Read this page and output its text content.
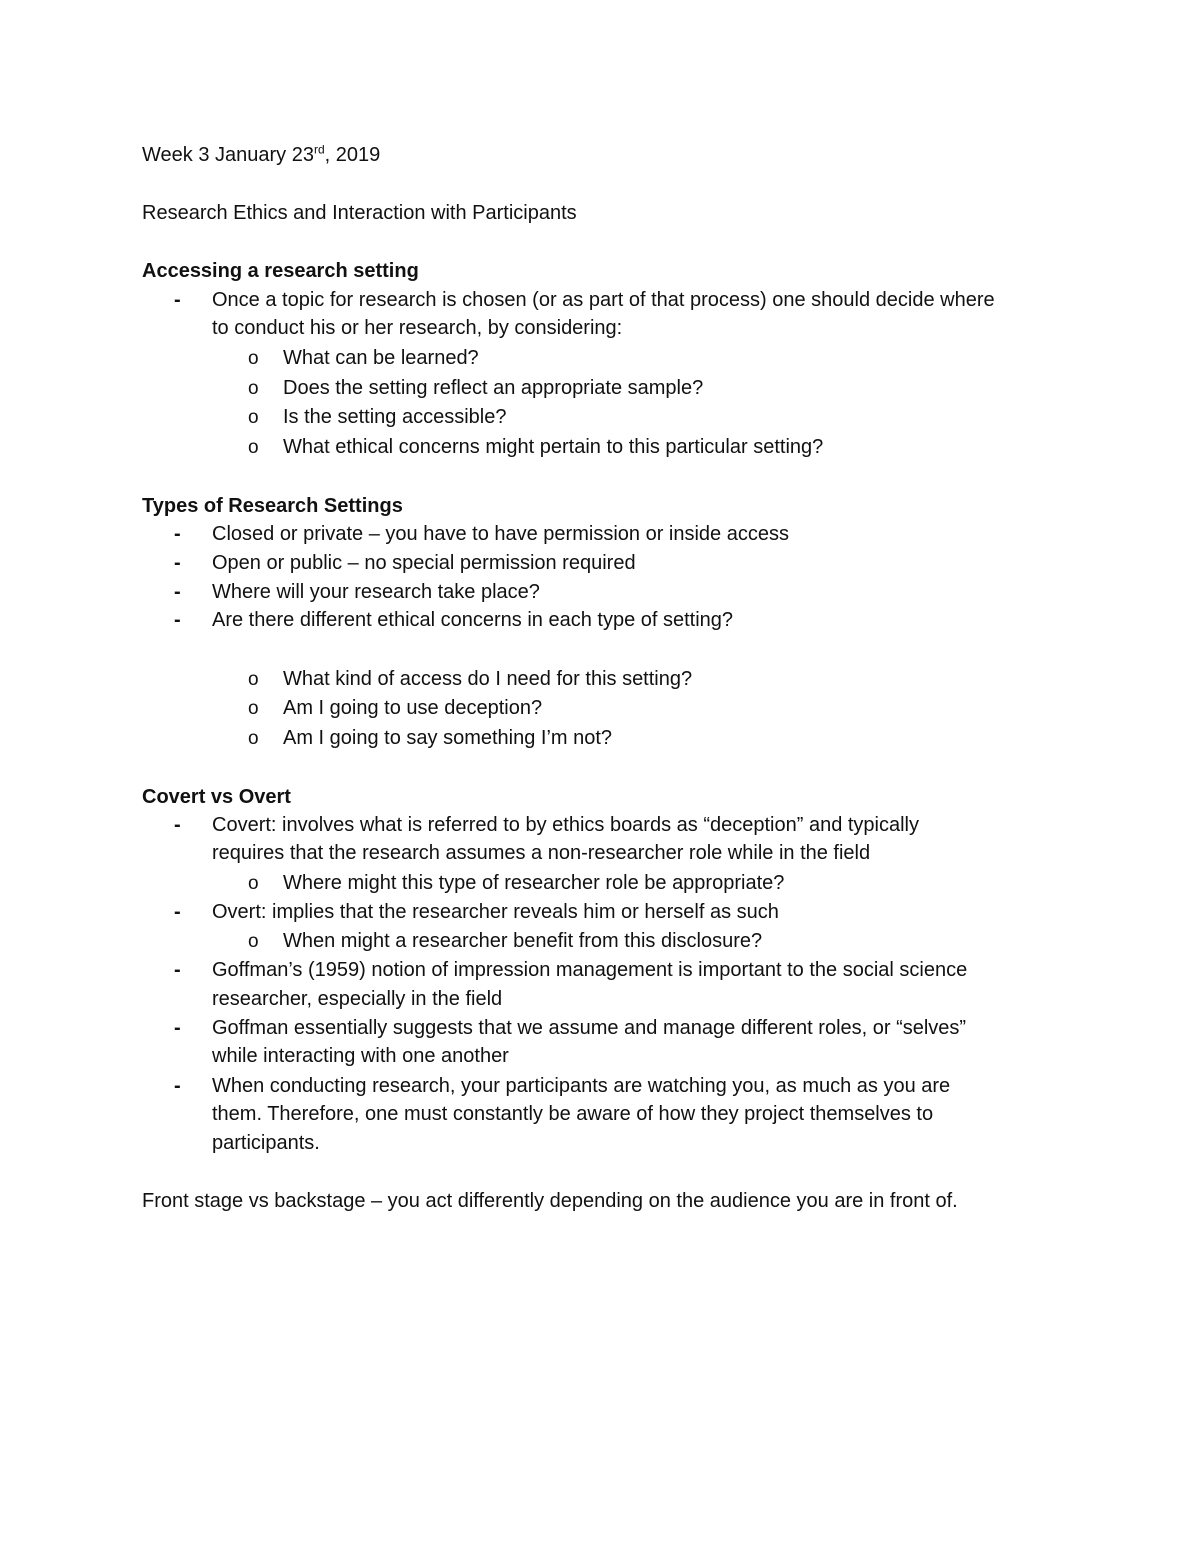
Week 3 January 23rd, 2019
Research Ethics and Interaction with Participants
Accessing a research setting
- Once a topic for research is chosen (or as part of that process) one should decide where
to conduct his or her research, by considering:
o What can be learned?
o Does the setting reflect an appropriate sample?
o Is the setting accessible?
o What ethical concerns might pertain to this particular setting?
Types of Research Settings
- Closed or private – you have to have permission or inside access
- Open or public – no special permission required
- Where will your research take place?
- Are there different ethical concerns in each type of setting?
o What kind of access do I need for this setting?
o Am I going to use deception?
o Am I going to say something I’m not?
Covert vs Overt
- Covert: involves what is referred to by ethics boards as “deception” and typically
requires that the research assumes a non-researcher role while in the field
o Where might this type of researcher role be appropriate?
- Overt: implies that the researcher reveals him or herself as such
o When might a researcher benefit from this disclosure?
- Goffman’s (1959) notion of impression management is important to the social science
researcher, especially in the field
- Goffman essentially suggests that we assume and manage different roles, or “selves”
while interacting with one another
- When conducting research, your participants are watching you, as much as you are
them. Therefore, one must constantly be aware of how they project themselves to
participants.
Front stage vs backstage – you act differently depending on the audience you are in front of.
